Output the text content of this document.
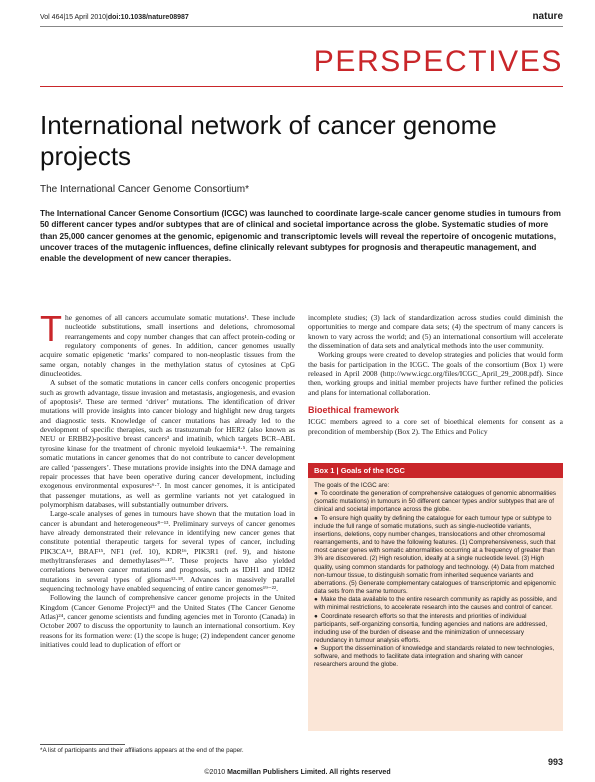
Vol 464|15 April 2010|doi:10.1038/nature08987	nature
PERSPECTIVES
International network of cancer genome projects
The International Cancer Genome Consortium*
The International Cancer Genome Consortium (ICGC) was launched to coordinate large-scale cancer genome studies in tumours from 50 different cancer types and/or subtypes that are of clinical and societal importance across the globe. Systematic studies of more than 25,000 cancer genomes at the genomic, epigenomic and transcriptomic levels will reveal the repertoire of oncogenic mutations, uncover traces of the mutagenic influences, define clinically relevant subtypes for prognosis and therapeutic management, and enable the development of new cancer therapies.

The genomes of all cancers accumulate somatic mutations¹. These include nucleotide substitutions, small insertions and deletions, chromosomal rearrangements and copy number changes that can affect protein-coding or regulatory components of genes. In addition, cancer genomes usually acquire somatic epigenetic ‘marks’ compared to non-neoplastic tissues from the same organ, notably changes in the methylation status of cytosines at CpG dinucleotides.

A subset of the somatic mutations in cancer cells confers oncogenic properties such as growth advantage, tissue invasion and metastasis, angiogenesis, and evasion of apoptosis². These are termed ‘driver’ mutations. The identification of driver mutations will provide insights into cancer biology and highlight new drug targets and diagnostic tests. Knowledge of cancer mutations has already led to the development of specific therapies, such as trastuzumab for HER2 (also known as NEU or ERBB2)-positive breast cancers³ and imatinib, which targets BCR–ABL tyrosine kinase for the treatment of chronic myeloid leukaemia⁴·⁵. The remaining somatic mutations in cancer genomes that do not contribute to cancer development are called ‘passengers’. These mutations provide insights into the DNA damage and repair processes that have been operative during cancer development, including exogenous environmental exposures⁶·⁷. In most cancer genomes, it is anticipated that passenger mutations, as well as germline variants not yet catalogued in polymorphism databases, will substantially outnumber drivers.

Large-scale analyses of genes in tumours have shown that the mutation load in cancer is abundant and heterogeneous⁸⁻¹³. Preliminary surveys of cancer genomes have already demonstrated their relevance in identifying new cancer genes that constitute potential therapeutic targets for several types of cancer, including PIK3CA¹⁴, BRAF¹⁵, NF1 (ref. 10), KDR¹⁶, PIK3R1 (ref. 9), and histone methyltransferases and demethylases¹⁶·¹⁷. These projects have also yielded correlations between cancer mutations and prognosis, such as IDH1 and IDH2 mutations in several types of gliomas¹³·¹⁸. Advances in massively parallel sequencing technology have enabled sequencing of entire cancer genomes¹⁹⁻²².

Following the launch of comprehensive cancer genome projects in the United Kingdom (Cancer Genome Project)²³ and the United States (The Cancer Genome Atlas)²⁴, cancer genome scientists and funding agencies met in Toronto (Canada) in October 2007 to discuss the opportunity to launch an international consortium. Key reasons for its formation were: (1) the scope is huge; (2) independent cancer genome initiatives could lead to duplication of effort or

incomplete studies; (3) lack of standardization across studies could diminish the opportunities to merge and compare data sets; (4) the spectrum of many cancers is known to vary across the world; and (5) an international consortium will accelerate the dissemination of data sets and analytical methods into the user community.

Working groups were created to develop strategies and policies that would form the basis for participation in the ICGC. The goals of the consortium (Box 1) were released in April 2008 (http://www.icgc.org/files/ICGC_April_29_2008.pdf). Since then, working groups and initial member projects have further refined the policies and plans for international collaboration.

Bioethical framework

ICGC members agreed to a core set of bioethical elements for consent as a precondition of membership (Box 2). The Ethics and Policy

Box 1 | Goals of the ICGC

The goals of the ICGC are:

● To coordinate the generation of comprehensive catalogues of genomic abnormalities (somatic mutations) in tumours in 50 different cancer types and/or subtypes that are of clinical and societal importance across the globe.

● To ensure high quality by defining the catalogue for each tumour type or subtype to include the full range of somatic mutations, such as single-nucleotide variants, insertions, deletions, copy number changes, translocations and other chromosomal rearrangements, and to have the following features. (1) Comprehensiveness, such that most cancer genes with somatic abnormalities occurring at a frequency of greater than 3% are discovered. (2) High resolution, ideally at a single nucleotide level. (3) High quality, using common standards for pathology and technology. (4) Data from matched non-tumour tissue, to distinguish somatic from inherited sequence variants and aberrations. (5) Generate complementary catalogues of transcriptomic and epigenomic data sets from the same tumours.

● Make the data available to the entire research community as rapidly as possible, and with minimal restrictions, to accelerate research into the causes and control of cancer.

● Coordinate research efforts so that the interests and priorities of individual participants, self-organizing consortia, funding agencies and nations are addressed, including use of the burden of disease and the minimization of unnecessary redundancy in tumour analysis efforts.

● Support the dissemination of knowledge and standards related to new technologies, software, and methods to facilitate data integration and sharing with cancer researchers around the globe.

*A list of participants and their affiliations appears at the end of the paper.
993
©2010 Macmillan Publishers Limited. All rights reserved
